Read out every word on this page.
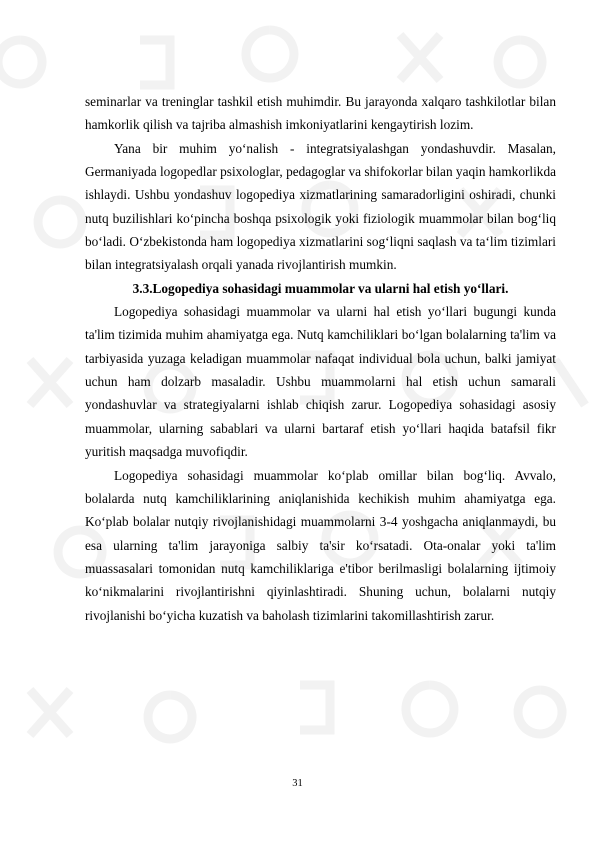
seminarlar va treninglar tashkil etish muhimdir. Bu jarayonda xalqaro tashkilotlar bilan hamkorlik qilish va tajriba almashish imkoniyatlarini kengaytirish lozim.

Yana bir muhim yo‘nalish - integratsiyalashgan yondashuvdir. Masalan, Germaniyada logopedlar psixologlar, pedagoglar va shifokorlar bilan yaqin hamkorlikda ishlaydi. Ushbu yondashuv logopediya xizmatlarining samaradorligini oshiradi, chunki nutq buzilishlari ko‘pincha boshqa psixologik yoki fiziologik muammolar bilan bog‘liq bo‘ladi. O‘zbekistonda ham logopediya xizmatlarini sog‘liqni saqlash va ta‘lim tizimlari bilan integratsiyalash orqali yanada rivojlantirish mumkin.

3.3.Logopediya sohasidagi muammolar va ularni hal etish yo‘llari.

Logopediya sohasidagi muammolar va ularni hal etish yo‘llari bugungi kunda ta'lim tizimida muhim ahamiyatga ega. Nutq kamchiliklari bo‘lgan bolalarning ta'lim va tarbiyasida yuzaga keladigan muammolar nafaqat individual bola uchun, balki jamiyat uchun ham dolzarb masaladir. Ushbu muammolarni hal etish uchun samarali yondashuvlar va strategiyalarni ishlab chiqish zarur. Logopediya sohasidagi asosiy muammolar, ularning sabablari va ularni bartaraf etish yo‘llari haqida batafsil fikr yuritish maqsadga muvofiqdir.

Logopediya sohasidagi muammolar ko‘plab omillar bilan bog‘liq. Avvalo, bolalarda nutq kamchiliklarining aniqlanishida kechikish muhim ahamiyatga ega. Ko‘plab bolalar nutqiy rivojlanishidagi muammolarni 3-4 yoshgacha aniqlanmaydi, bu esa ularning ta'lim jarayoniga salbiy ta'sir ko‘rsatadi. Ota-onalar yoki ta'lim muassasalari tomonidan nutq kamchiliklariga e'tibor berilmasligi bolalarning ijtimoiy ko‘nikmalarini rivojlantirishni qiyinlashtiradi. Shuning uchun, bolalarni nutqiy rivojlanishi bo‘yicha kuzatish va baholash tizimlarini takomillashtirish zarur.

31
